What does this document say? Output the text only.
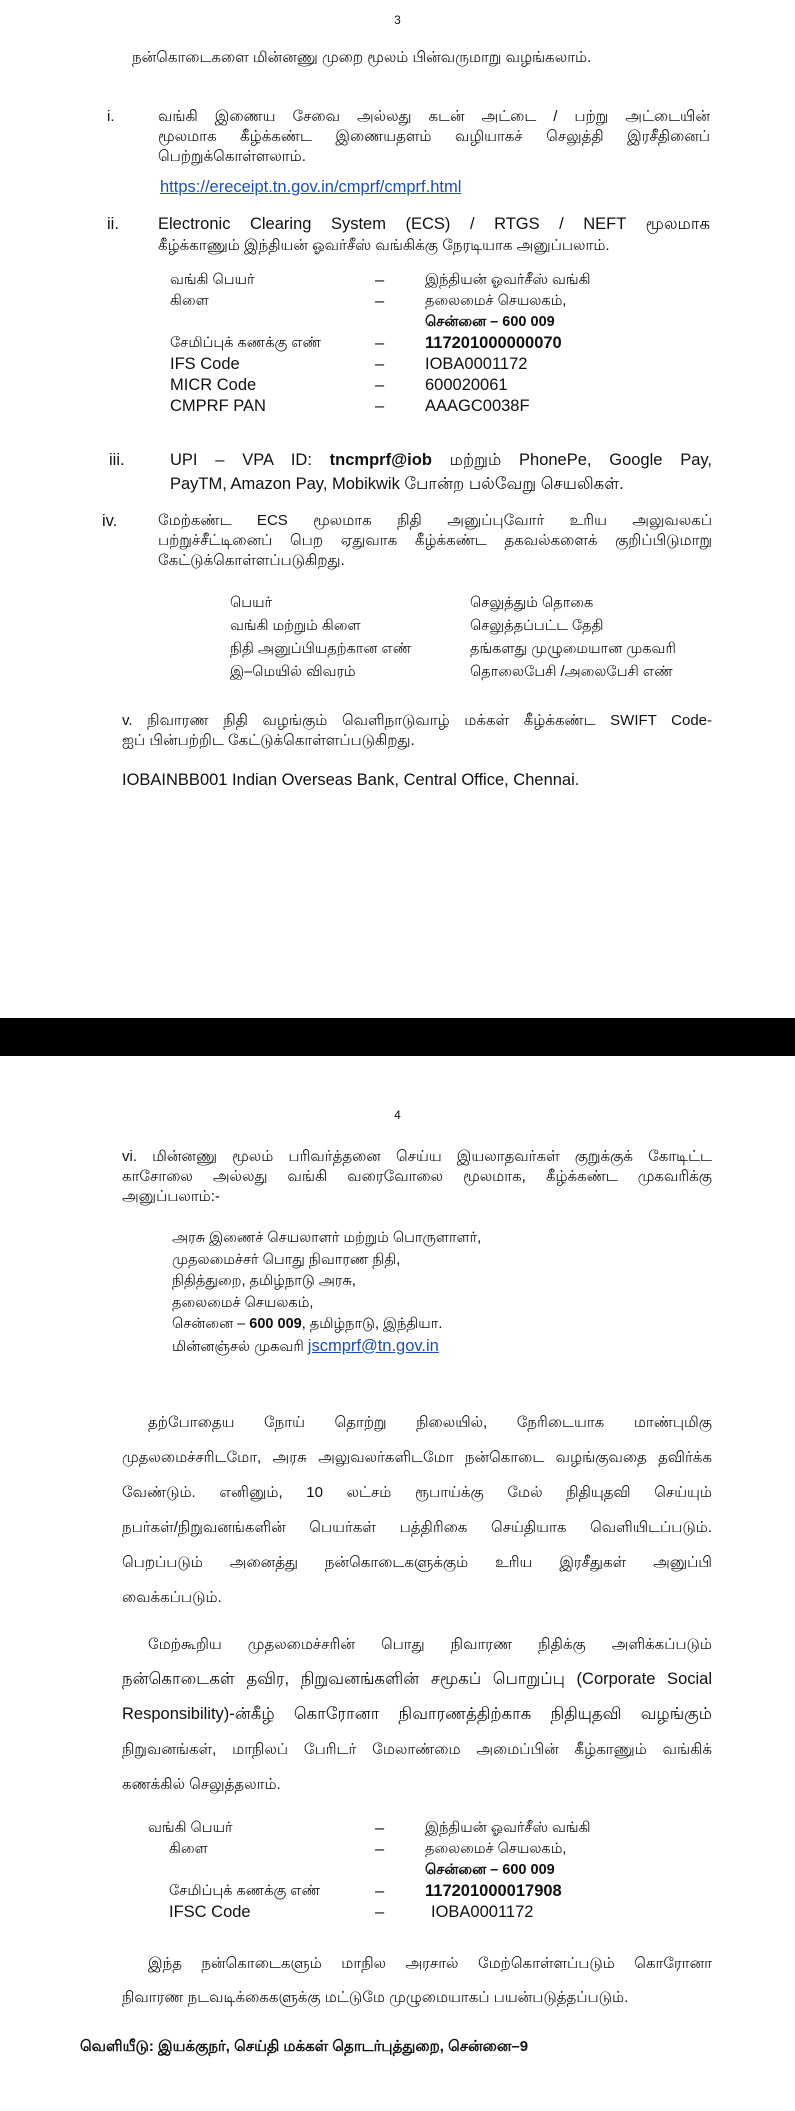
3
நன்கொடைகளை மின்னணு முறை மூலம் பின்வருமாறு வழங்கலாம்.
i.	வங்கி இணைய சேவை அல்லது கடன் அட்டை / பற்று அட்டையின்
மூலமாக கீழ்க்கண்ட இணையதளம் வழியாகச் செலுத்தி இரசீதினைப்
பெற்றுக்கொள்ளலாம்.
https://ereceipt.tn.gov.in/cmprf/cmprf.html
ii. Electronic Clearing System (ECS) / RTGS / NEFT மூலமாக
கீழ்க்காணும் இந்தியன் ஓவர்சீஸ் வங்கிக்கு நேரடியாக அனுப்பலாம்.
வங்கி பெயர்	–	இந்தியன் ஓவர்சீஸ் வங்கி
கிளை	–	தலைமைச் செயலகம்,
சென்னை – 600 009
சேமிப்புக் கணக்கு எண்	–	117201000000070
IFS Code	–	IOBA0001172
MICR Code	–	600020061
CMPRF PAN	–	AAAGC0038F
iii.	UPI – VPA ID: tncmprf@iob மற்றும் PhonePe, Google Pay,
PayTM, Amazon Pay, Mobikwik போன்ற பல்வேறு செயலிகள்.
iv.	மேற்கண்ட ECS மூலமாக நிதி அனுப்புவோர் உரிய அலுவலகப்
பற்றுச்சீட்டினைப் பெற ஏதுவாக கீழ்க்கண்ட தகவல்களைக் குறிப்பிடுமாறு
கேட்டுக்கொள்ளப்படுகிறது.
பெயர்	செலுத்தும் தொகை
வங்கி மற்றும் கிளை	செலுத்தப்பட்ட தேதி
நிதி அனுப்பியதற்கான எண்	தங்களது முழுமையான முகவரி
இ–மெயில் விவரம்	தொலைபேசி /அலைபேசி எண்
v. நிவாரண நிதி வழங்கும் வெளிநாடுவாழ் மக்கள் கீழ்க்கண்ட SWIFT Code-
ஐப் பின்பற்றிட கேட்டுக்கொள்ளப்படுகிறது.
IOBAINBB001 Indian Overseas Bank, Central Office, Chennai.
4
vi. மின்னணு மூலம் பரிவர்த்தனை செய்ய இயலாதவர்கள் குறுக்குக் கோடிட்ட
காசோலை அல்லது வங்கி வரைவோலை மூலமாக, கீழ்க்கண்ட முகவரிக்கு
அனுப்பலாம்:-
அரசு இணைச் செயலாளர் மற்றும் பொருளாளர்,
முதலமைச்சர் பொது நிவாரண நிதி,
நிதித்துறை, தமிழ்நாடு அரசு,
தலைமைச் செயலகம்,
சென்னை – 600 009, தமிழ்நாடு, இந்தியா.
மின்னஞ்சல் முகவரி jscmprf@tn.gov.in
தற்போதைய நோய் தொற்று நிலையில், நேரிடையாக மாண்புமிகு
முதலமைச்சரிடமோ, அரசு அலுவலர்களிடமோ நன்கொடை வழங்குவதை தவிர்க்க
வேண்டும். எனினும், 10 லட்சம் ரூபாய்க்கு மேல் நிதியுதவி செய்யும்
நபர்கள்/நிறுவனங்களின் பெயர்கள் பத்திரிகை செய்தியாக வெளியிடப்படும்.
பெறப்படும் அனைத்து நன்கொடைகளுக்கும் உரிய இரசீதுகள் அனுப்பி
வைக்கப்படும்.
மேற்கூறிய முதலமைச்சரின் பொது நிவாரண நிதிக்கு அளிக்கப்படும்
நன்கொடைகள் தவிர, நிறுவனங்களின் சமூகப் பொறுப்பு (Corporate Social
Responsibility)-ன்கீழ் கொரோனா நிவாரணத்திற்காக நிதியுதவி வழங்கும்
நிறுவனங்கள், மாநிலப் பேரிடர் மேலாண்மை அமைப்பின் கீழ்காணும் வங்கிக்
கணக்கில் செலுத்தலாம்.
வங்கி பெயர்	–	இந்தியன் ஓவர்சீஸ் வங்கி
கிளை	–	தலைமைச் செயலகம்,
சென்னை – 600 009
சேமிப்புக் கணக்கு எண்	–	117201000017908
IFSC Code	–	IOBA0001172
இந்த நன்கொடைகளும் மாநில அரசால் மேற்கொள்ளப்படும் கொரோனா
நிவாரண நடவடிக்கைகளுக்கு மட்டுமே முழுமையாகப் பயன்படுத்தப்படும்.
வெளியீடு: இயக்குநர், செய்தி மக்கள் தொடர்புத்துறை, சென்னை–9
